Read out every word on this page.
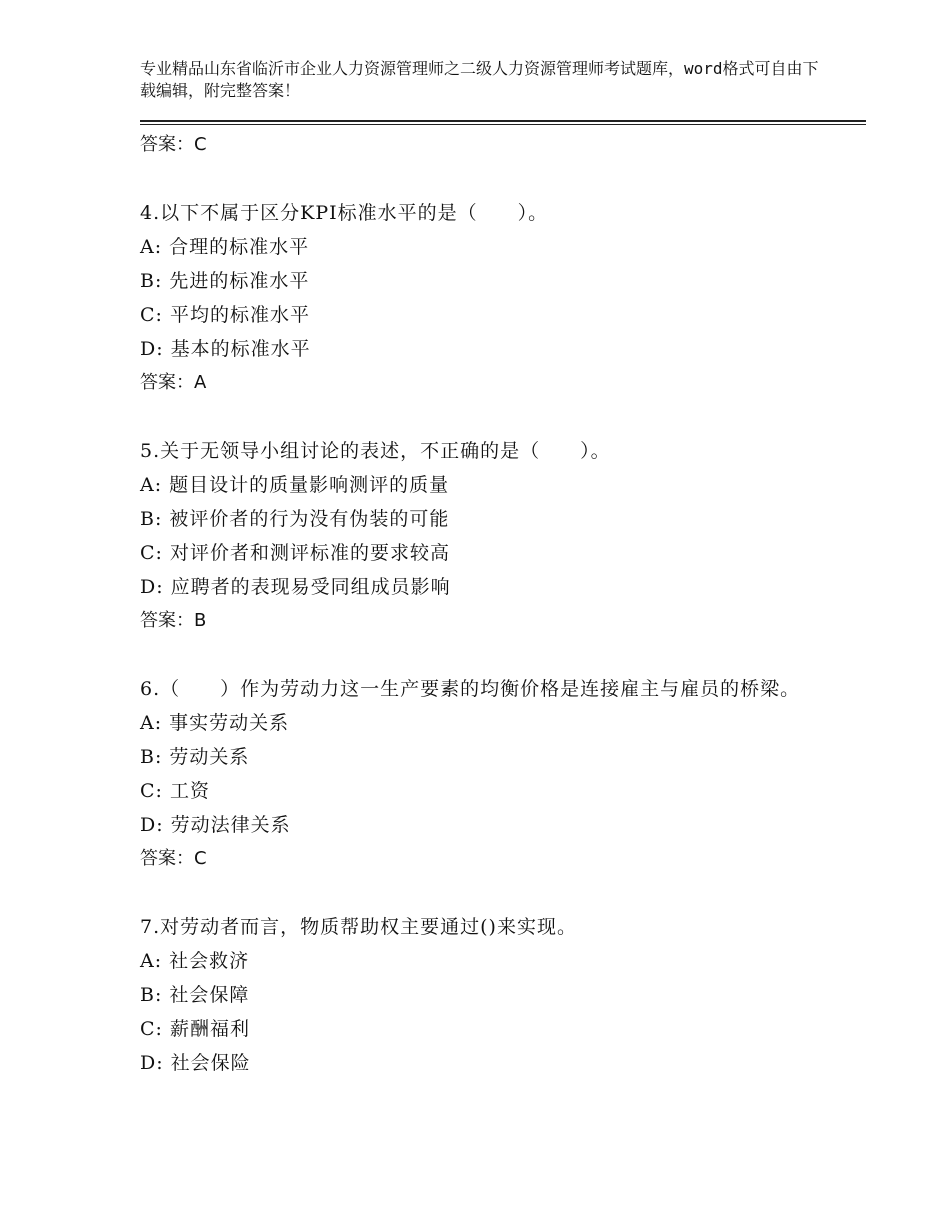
专业精品山东省临沂市企业人力资源管理师之二级人力资源管理师考试题库，word格式可自由下载编辑，附完整答案！
答案：C
4.以下不属于区分KPI标准水平的是（　　）。
A: 合理的标准水平
B: 先进的标准水平
C: 平均的标准水平
D: 基本的标准水平
答案：A
5.关于无领导小组讨论的表述，不正确的是（　　）。
A: 题目设计的质量影响测评的质量
B: 被评价者的行为没有伪装的可能
C: 对评价者和测评标准的要求较高
D: 应聘者的表现易受同组成员影响
答案：B
6.（　　）作为劳动力这一生产要素的均衡价格是连接雇主与雇员的桥梁。
A: 事实劳动关系
B: 劳动关系
C: 工资
D: 劳动法律关系
答案：C
7.对劳动者而言，物质帮助权主要通过()来实现。
A: 社会救济
B: 社会保障
C: 薪酬福利
D: 社会保险
